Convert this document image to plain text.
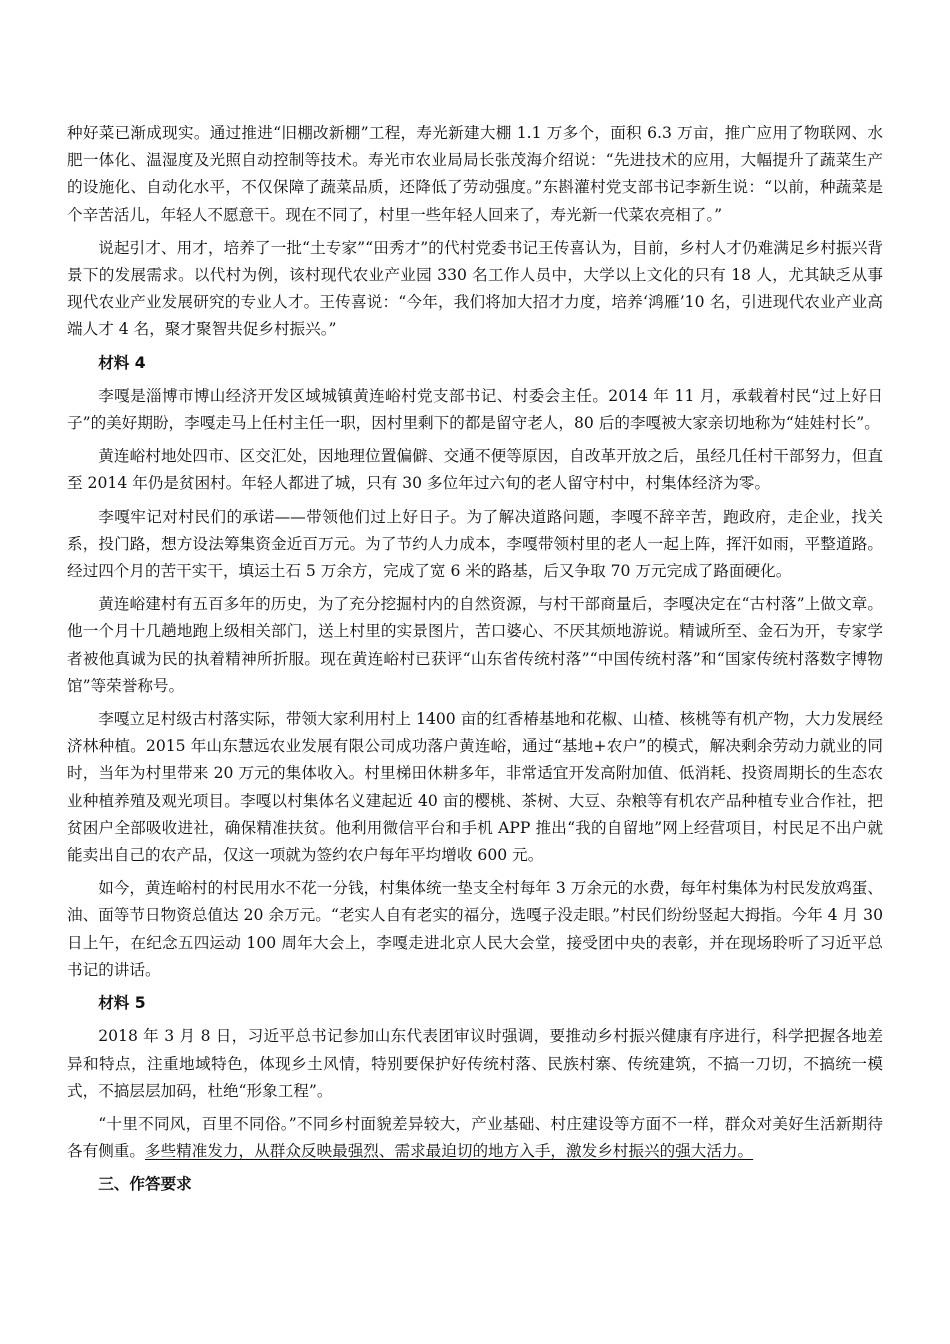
种好菜已渐成现实。通过推进“旧棚改新棚”工程，寿光新建大棚 1.1 万多个，面积 6.3 万亩，推广应用了物联网、水肥一体化、温湿度及光照自动控制等技术。寿光市农业局局长张茂海介绍说：“先进技术的应用，大幅提升了蔬菜生产的设施化、自动化水平，不仅保障了蔬菜品质，还降低了劳动强度。”东斟灌村党支部书记李新生说：“以前，种蔬菜是个辛苦活儿，年轻人不愿意干。现在不同了，村里一些年轻人回来了，寿光新一代菜农亮相了。”

说起引才、用才，培养了一批“土专家”“田秀才”的代村党委书记王传喜认为，目前，乡村人才仍难满足乡村振兴背景下的发展需求。以代村为例，该村现代农业产业园 330 名工作人员中，大学以上文化的只有 18 人，尤其缺乏从事现代农业产业发展研究的专业人才。王传喜说：“今年，我们将加大招才力度，培养‘鸿雁’10 名，引进现代农业产业高端人才 4 名，聚才聚智共促乡村振兴。”

材料 4

李嘎是淄博市博山经济开发区域城镇黄连峪村党支部书记、村委会主任。2014 年 11 月，承载着村民“过上好日子”的美好期盼，李嘎走马上任村主任一职，因村里剩下的都是留守老人，80 后的李嘎被大家亲切地称为“娃娃村长”。

黄连峪村地处四市、区交汇处，因地理位置偏僻、交通不便等原因，自改革开放之后，虽经几任村干部努力，但直至 2014 年仍是贫困村。年轻人都进了城，只有 30 多位年过六旬的老人留守村中，村集体经济为零。

李嘎牢记对村民们的承诺——带领他们过上好日子。为了解决道路问题，李嘎不辞辛苦，跑政府，走企业，找关系，投门路，想方设法筹集资金近百万元。为了节约人力成本，李嘎带领村里的老人一起上阵，挥汗如雨，平整道路。经过四个月的苦干实干，填运土石 5 万余方，完成了宽 6 米的路基，后又争取 70 万元完成了路面硬化。

黄连峪建村有五百多年的历史，为了充分挖掘村内的自然资源，与村干部商量后，李嘎决定在“古村落”上做文章。他一个月十几趟地跑上级相关部门，送上村里的实景图片，苦口婆心、不厌其烦地游说。精诚所至、金石为开，专家学者被他真诚为民的执着精神所折服。现在黄连峪村已获评“山东省传统村落”“中国传统村落”和“国家传统村落数字博物馆”等荣誉称号。

李嘎立足村级古村落实际，带领大家利用村上 1400 亩的红香椿基地和花椒、山楂、核桃等有机产物，大力发展经济林种植。2015 年山东慧远农业发展有限公司成功落户黄连峪，通过“基地+农户”的模式，解决剩余劳动力就业的同时，当年为村里带来 20 万元的集体收入。村里梯田休耕多年，非常适宜开发高附加值、低消耗、投资周期长的生态农业种植养殖及观光项目。李嘎以村集体名义建起近 40 亩的樱桃、茶树、大豆、杂粮等有机农产品种植专业合作社，把贫困户全部吸收进社，确保精准扶贫。他利用微信平台和手机 APP 推出“我的自留地”网上经营项目，村民足不出户就能卖出自己的农产品，仅这一项就为签约农户每年平均增收 600 元。

如今，黄连峪村的村民用水不花一分钱，村集体统一垫支全村每年 3 万余元的水费，每年村集体为村民发放鸡蛋、油、面等节日物资总值达 20 余万元。“老实人自有老实的福分，选嘎子没走眼。”村民们纷纷竖起大拇指。今年 4 月 30 日上午，在纪念五四运动 100 周年大会上，李嘎走进北京人民大会堂，接受团中央的表彰，并在现场聆听了习近平总书记的讲话。

材料 5

2018 年 3 月 8 日，习近平总书记参加山东代表团审议时强调，要推动乡村振兴健康有序进行，科学把握各地差异和特点，注重地域特色，体现乡土风情，特别要保护好传统村落、民族村寨、传统建筑，不搞一刀切，不搞统一模式，不搞层层加码，杜绝“形象工程”。

“十里不同风，百里不同俗。”不同乡村面貌差异较大，产业基础、村庄建设等方面不一样，群众对美好生活新期待各有侧重。多些精准发力，从群众反映最强烈、需求最迫切的地方入手，激发乡村振兴的强大活力。

三、作答要求
